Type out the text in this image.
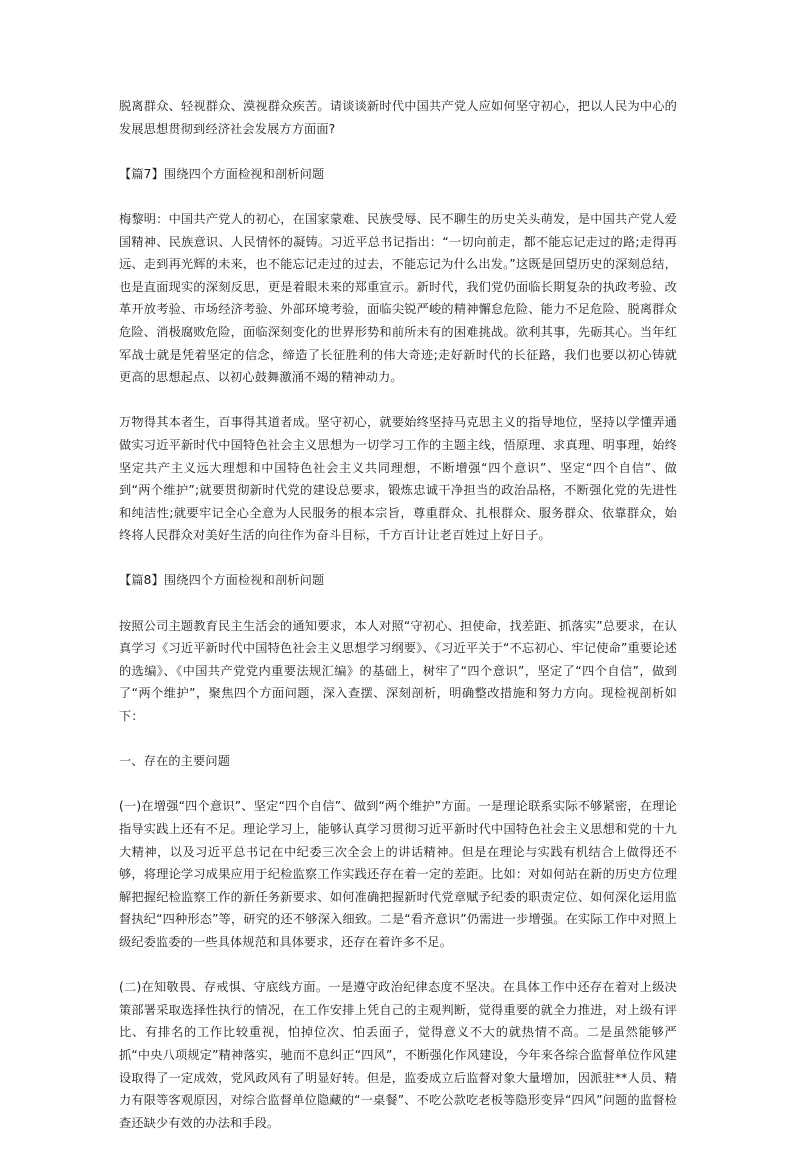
脱离群众、轻视群众、漠视群众疾苦。请谈谈新时代中国共产党人应如何坚守初心，把以人民为中心的发展思想贯彻到经济社会发展方方面面?

【篇7】围绕四个方面检视和剖析问题

梅黎明：中国共产党人的初心，在国家蒙难、民族受辱、民不聊生的历史关头萌发，是中国共产党人爱国精神、民族意识、人民情怀的凝铸。习近平总书记指出：“一切向前走，都不能忘记走过的路;走得再远、走到再光辉的未来，也不能忘记走过的过去，不能忘记为什么出发。”这既是回望历史的深刻总结，也是直面现实的深刻反思，更是着眼未来的郑重宣示。新时代，我们党仍面临长期复杂的执政考验、改革开放考验、市场经济考验、外部环境考验，面临尖锐严峻的精神懈怠危险、能力不足危险、脱离群众危险、消极腐败危险，面临深刻变化的世界形势和前所未有的困难挑战。欲利其事，先砺其心。当年红军战士就是凭着坚定的信念，缔造了长征胜利的伟大奇迹;走好新时代的长征路，我们也要以初心铸就更高的思想起点、以初心鼓舞激涌不竭的精神动力。

万物得其本者生，百事得其道者成。坚守初心，就要始终坚持马克思主义的指导地位，坚持以学懂弄通做实习近平新时代中国特色社会主义思想为一切学习工作的主题主线，悟原理、求真理、明事理，始终坚定共产主义远大理想和中国特色社会主义共同理想，不断增强“四个意识”、坚定“四个自信”、做到“两个维护”;就要贯彻新时代党的建设总要求，锻炼忠诚干净担当的政治品格，不断强化党的先进性和纯洁性;就要牢记全心全意为人民服务的根本宗旨，尊重群众、扎根群众、服务群众、依靠群众，始终将人民群众对美好生活的向往作为奋斗目标，千方百计让老百姓过上好日子。

【篇8】围绕四个方面检视和剖析问题

按照公司主题教育民主生活会的通知要求，本人对照“守初心、担使命，找差距、抓落实”总要求，在认真学习《习近平新时代中国特色社会主义思想学习纲要》、《习近平关于“不忘初心、牢记使命”重要论述的选编》、《中国共产党党内重要法规汇编》的基础上，树牢了“四个意识”，坚定了“四个自信”，做到了“两个维护”，聚焦四个方面问题，深入查摆、深刻剖析，明确整改措施和努力方向。现检视剖析如下：

一、存在的主要问题

(一)在增强“四个意识”、坚定“四个自信”、做到“两个维护”方面。一是理论联系实际不够紧密，在理论指导实践上还有不足。理论学习上，能够认真学习贯彻习近平新时代中国特色社会主义思想和党的十九大精神，以及习近平总书记在中纪委三次全会上的讲话精神。但是在理论与实践有机结合上做得还不够，将理论学习成果应用于纪检监察工作实践还存在着一定的差距。比如：对如何站在新的历史方位理解把握纪检监察工作的新任务新要求、如何准确把握新时代党章赋予纪委的职责定位、如何深化运用监督执纪“四种形态”等，研究的还不够深入细致。二是“看齐意识”仍需进一步增强。在实际工作中对照上级纪委监委的一些具体规范和具体要求，还存在着许多不足。

(二)在知敬畏、存戒惧、守底线方面。一是遵守政治纪律态度不坚决。在具体工作中还存在着对上级决策部署采取选择性执行的情况，在工作安排上凭自己的主观判断，觉得重要的就全力推进，对上级有评比、有排名的工作比较重视，怕掉位次、怕丢面子，觉得意义不大的就热情不高。二是虽然能够严抓“中央八项规定”精神落实，驰而不息纠正“四风”，不断强化作风建设，今年来各综合监督单位作风建设取得了一定成效，党风政风有了明显好转。但是，监委成立后监督对象大量增加，因派驻**人员、精力有限等客观原因，对综合监督单位隐藏的“一桌餐”、不吃公款吃老板等隐形变异“四风”问题的监督检查还缺少有效的办法和手段。
